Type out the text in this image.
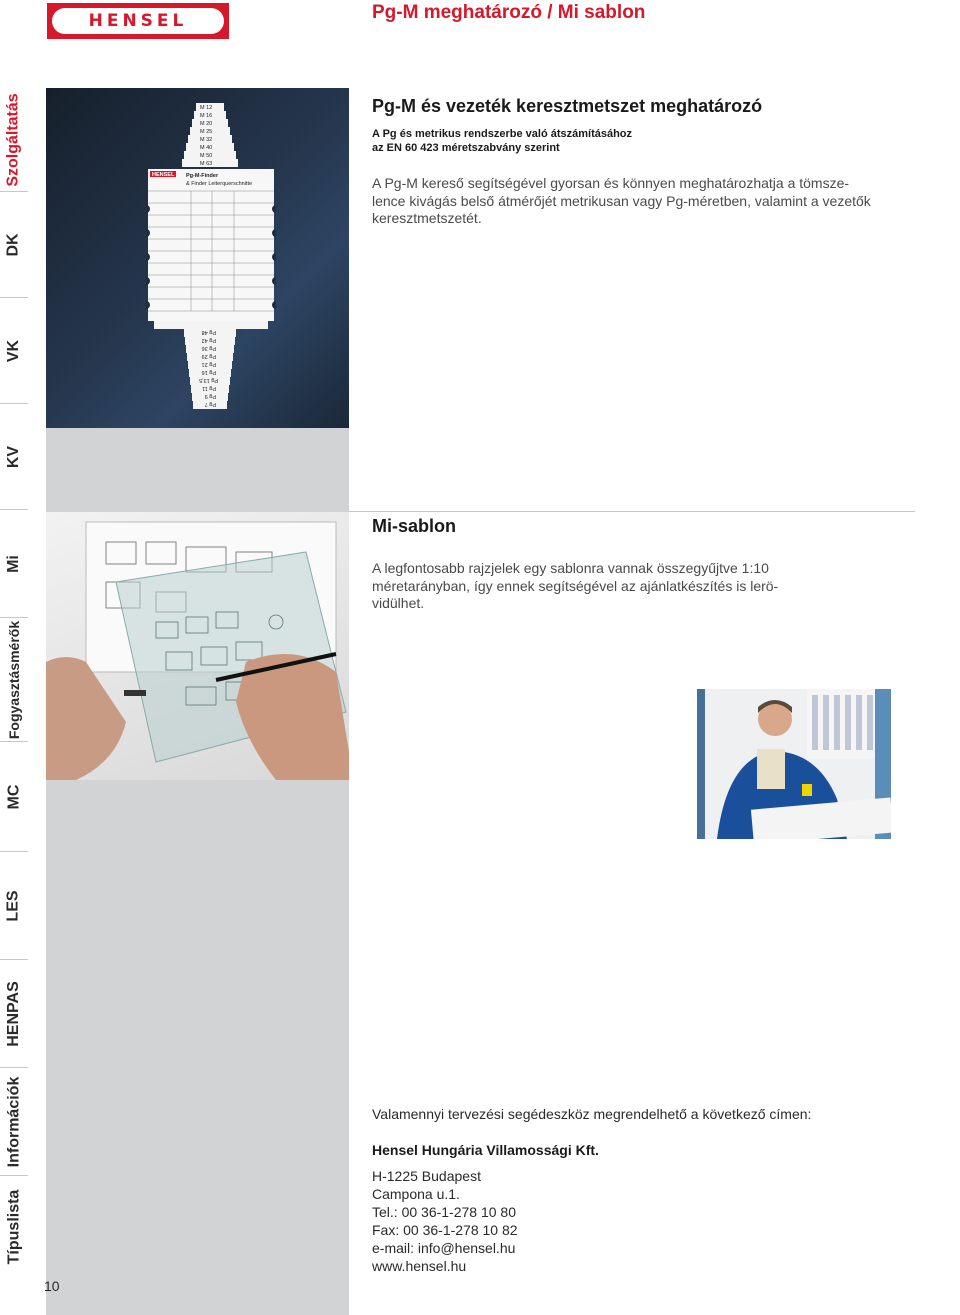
HENSEL	Pg-M meghatározó / Mi sablon
Szolgáltatás
DK
VK
KV
Mi
Fogyasztásmérők
MC
LES
HENPAS
Információk
Típuslista
10
M 12
M 16
M 20
M 25
M 32
M 40
M 50
M 63
HENSEL Pg-M-Finder
& Finder Leiterquerschnitte
Pg 48
Pg 42
Pg 36
Pg 29
Pg 21
Pg 16
Pg 13,5
Pg 11
Pg 9
Pg 7
Pg-M és vezeték keresztmetszet meghatározó
A Pg és metrikus rendszerbe való átszámításához
az EN 60 423 méretszabvány szerint
A Pg-M kereső segítségével gyorsan és könnyen meghatározhatja a tömsze-
lence kivágás belső átmérőjét metrikusan vagy Pg-méretben, valamint a vezetők
keresztmetszetét.
Mi-sablon
A legfontosabb rajzjelek egy sablonra vannak összegyűjtve 1:10
méretarányban, így ennek segítségével az ajánlatkészítés is lerö-
vidülhet.
Valamennyi tervezési segédeszköz megrendelhető a következő címen:
Hensel Hungária Villamossági Kft.
H-1225 Budapest
Campona u.1.
Tel.: 00 36-1-278 10 80
Fax: 00 36-1-278 10 82
e-mail: info@hensel.hu
www.hensel.hu
